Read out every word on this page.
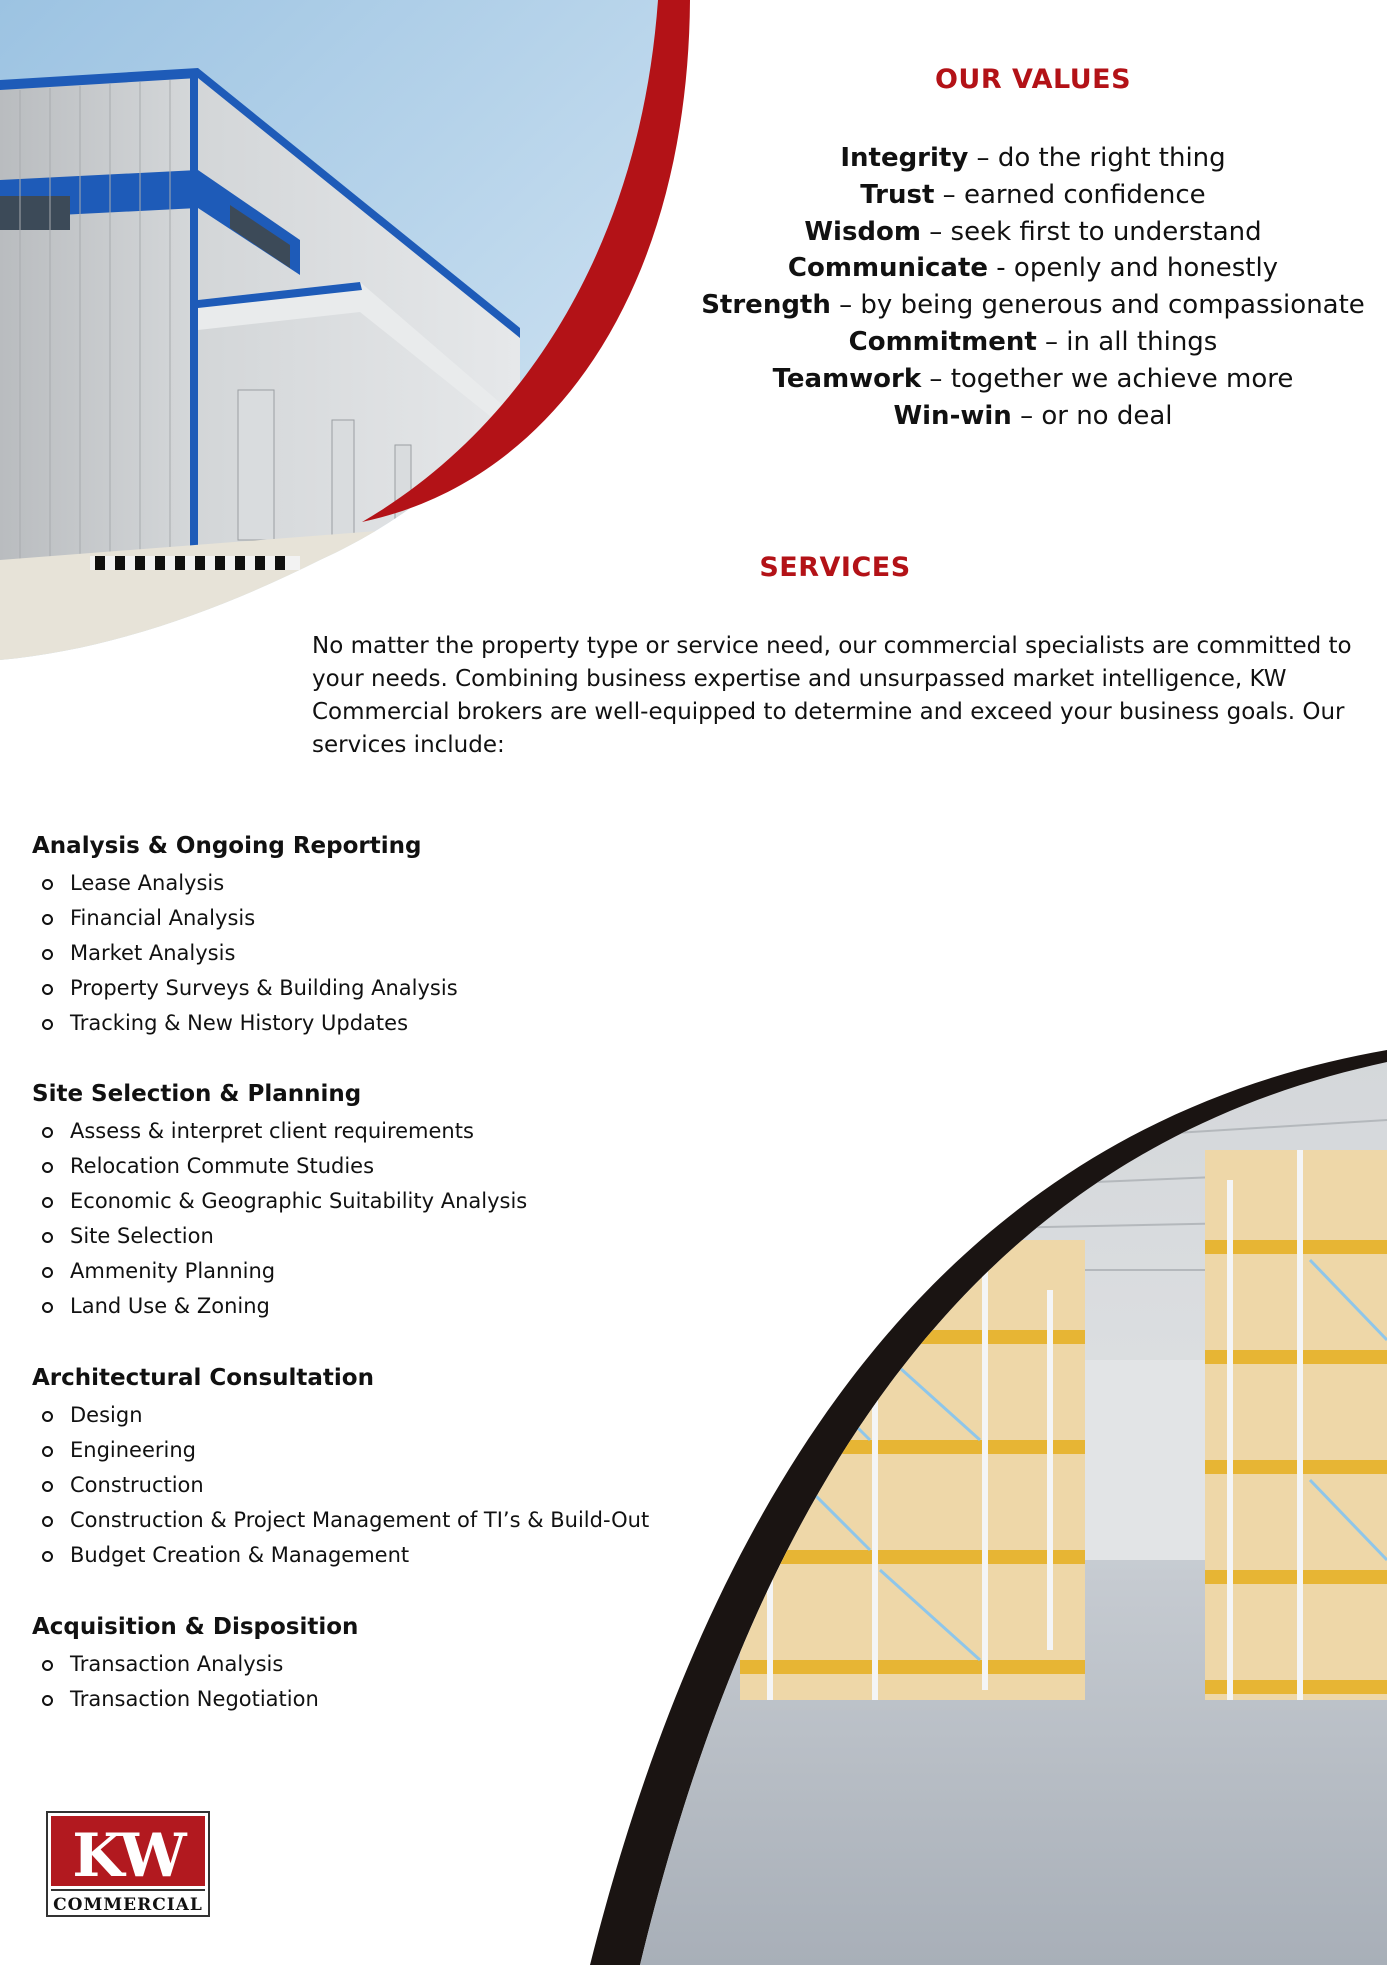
OUR VALUES
Integrity – do the right thing
Trust – earned confidence
Wisdom – seek first to understand
Communicate - openly and honestly
Strength – by being generous and compassionate
Commitment – in all things
Teamwork – together we achieve more
Win-win – or no deal
SERVICES

No matter the property type or service need, our commercial specialists are committed to your needs. Combining business expertise and unsurpassed market intelligence, KW Commercial brokers are well-equipped to determine and exceed your business goals. Our services include:

Analysis & Ongoing Reporting
Lease Analysis
Financial Analysis
Market Analysis
Property Surveys & Building Analysis
Tracking & New History Updates
Site Selection & Planning
Assess & interpret client requirements
Relocation Commute Studies
Economic & Geographic Suitability Analysis
Site Selection
Ammenity Planning
Land Use & Zoning
Architectural Consultation
Design
Engineering
Construction
Construction & Project Management of TI’s & Build-Out
Budget Creation & Management
Acquisition & Disposition
Transaction Analysis
Transaction Negotiation
KW
COMMERCIAL
